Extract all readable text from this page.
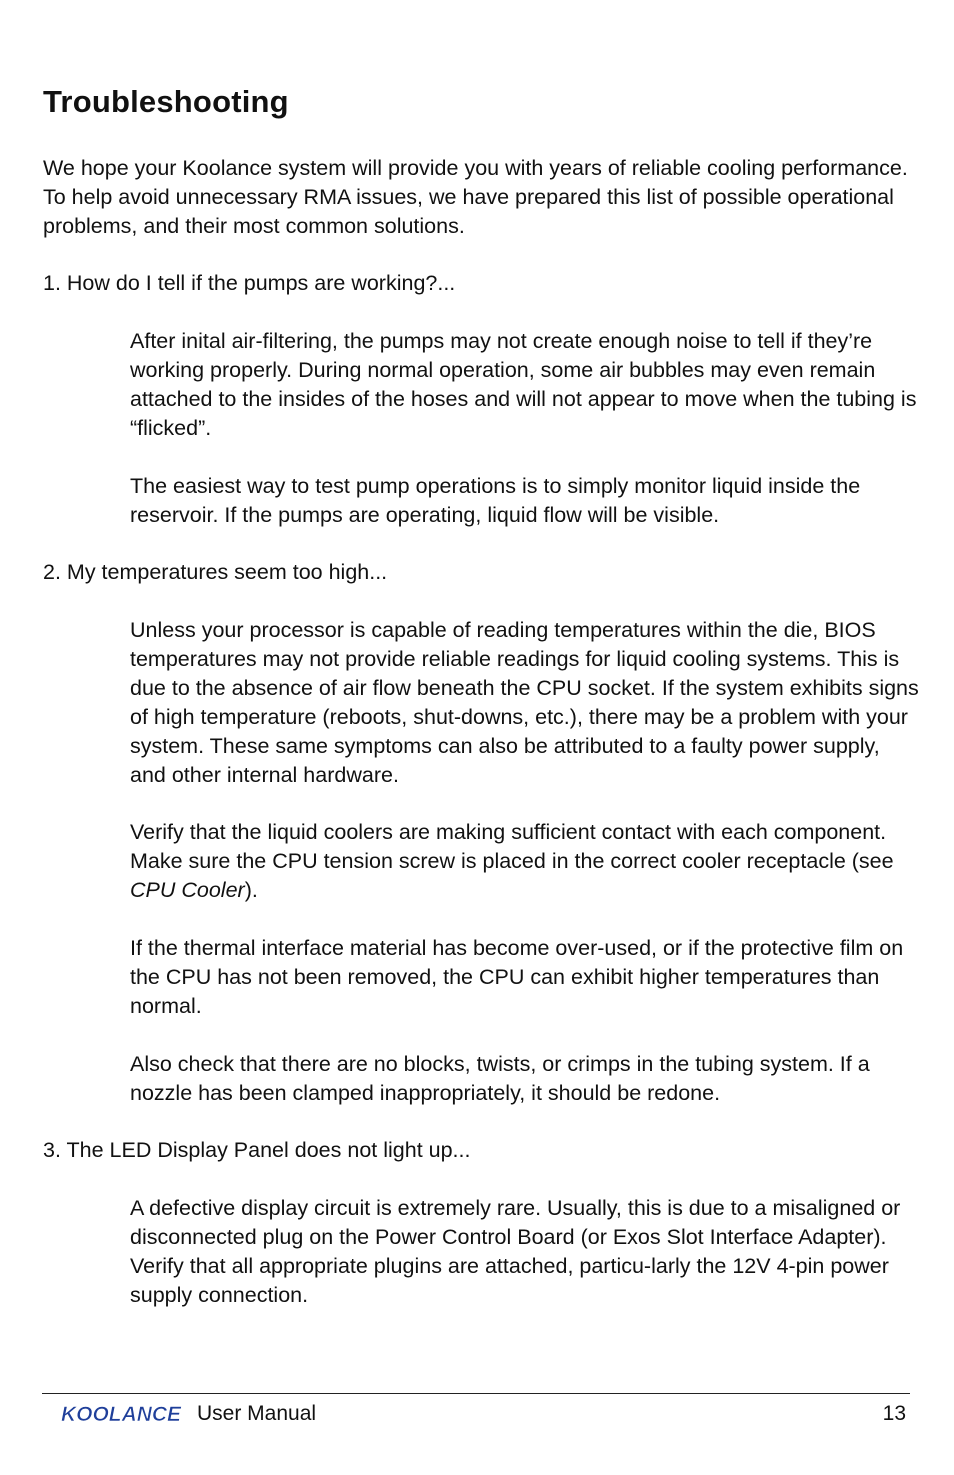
Troubleshooting

We hope your Koolance system will provide you with years of reliable cooling performance. To help avoid unnecessary RMA issues, we have prepared this list of possible operational problems, and their most common solutions.

1. How do I tell if the pumps are working?...

After inital air-filtering, the pumps may not create enough noise to tell if they’re working properly. During normal operation, some air bubbles may even remain attached to the insides of the hoses and will not appear to move when the tubing is “flicked”.

The easiest way to test pump operations is to simply monitor liquid inside the reservoir. If the pumps are operating, liquid flow will be visible.

2. My temperatures seem too high...

Unless your processor is capable of reading temperatures within the die, BIOS temperatures may not provide reliable readings for liquid cooling systems. This is due to the absence of air flow beneath the CPU socket. If the system exhibits signs of high temperature (reboots, shut-downs, etc.), there may be a problem with your system. These same symptoms can also be attributed to a faulty power supply, and other internal hardware.

Verify that the liquid coolers are making sufficient contact with each component. Make sure the CPU tension screw is placed in the correct cooler receptacle (see CPU Cooler).

If the thermal interface material has become over-used, or if the protective film on the CPU has not been removed, the CPU can exhibit higher temperatures than normal.

Also check that there are no blocks, twists, or crimps in the tubing system. If a nozzle has been clamped inappropriately, it should be redone.

3. The LED Display Panel does not light up...

A defective display circuit is extremely rare. Usually, this is due to a misaligned or disconnected plug on the Power Control Board (or Exos Slot Interface Adapter). Verify that all appropriate plugins are attached, particu-larly the 12V 4-pin power supply connection.

KOOLANCE User Manual	13
